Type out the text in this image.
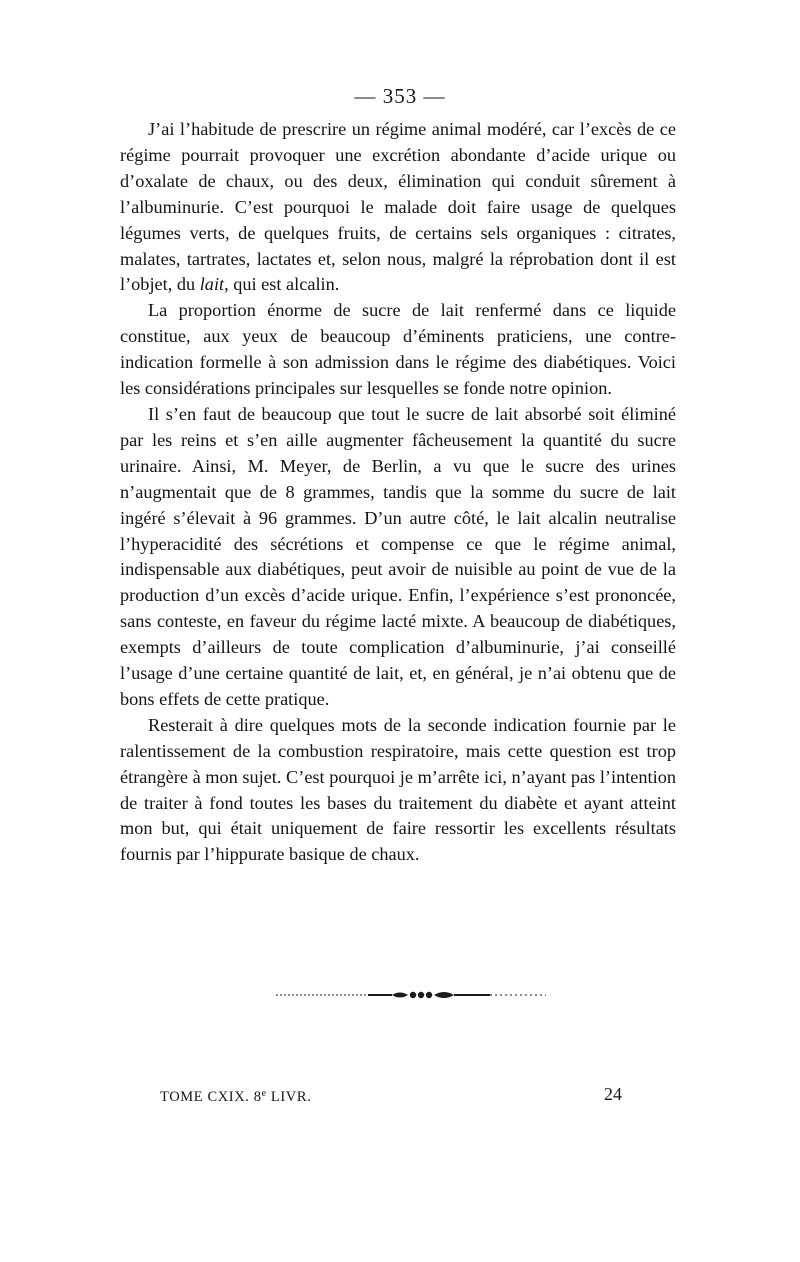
— 353 —

J’ai l’habitude de prescrire un régime animal modéré, car l’excès de ce régime pourrait provoquer une excrétion abondante d’acide urique ou d’oxalate de chaux, ou des deux, élimination qui conduit sûrement à l’albuminurie. C’est pourquoi le malade doit faire usage de quelques légumes verts, de quelques fruits, de certains sels organiques : citrates, malates, tartrates, lactates et, selon nous, malgré la réprobation dont il est l’objet, du lait, qui est alcalin.

La proportion énorme de sucre de lait renfermé dans ce liquide constitue, aux yeux de beaucoup d’éminents praticiens, une contre-indication formelle à son admission dans le régime des diabétiques. Voici les considérations principales sur lesquelles se fonde notre opinion.

Il s’en faut de beaucoup que tout le sucre de lait absorbé soit éliminé par les reins et s’en aille augmenter fâcheusement la quantité du sucre urinaire. Ainsi, M. Meyer, de Berlin, a vu que le sucre des urines n’augmentait que de 8 grammes, tandis que la somme du sucre de lait ingéré s’élevait à 96 grammes. D’un autre côté, le lait alcalin neutralise l’hyperacidité des sécrétions et compense ce que le régime animal, indispensable aux diabétiques, peut avoir de nuisible au point de vue de la production d’un excès d’acide urique. Enfin, l’expérience s’est prononcée, sans conteste, en faveur du régime lacté mixte. A beaucoup de diabétiques, exempts d’ailleurs de toute complication d’albuminurie, j’ai conseillé l’usage d’une certaine quantité de lait, et, en général, je n’ai obtenu que de bons effets de cette pratique.

Resterait à dire quelques mots de la seconde indication fournie par le ralentissement de la combustion respiratoire, mais cette question est trop étrangère à mon sujet. C’est pourquoi je m’arrête ici, n’ayant pas l’intention de traiter à fond toutes les bases du traitement du diabète et ayant atteint mon but, qui était uniquement de faire ressortir les excellents résultats fournis par l’hippurate basique de chaux.

TOME CXIX. 8e LIVR.	24
